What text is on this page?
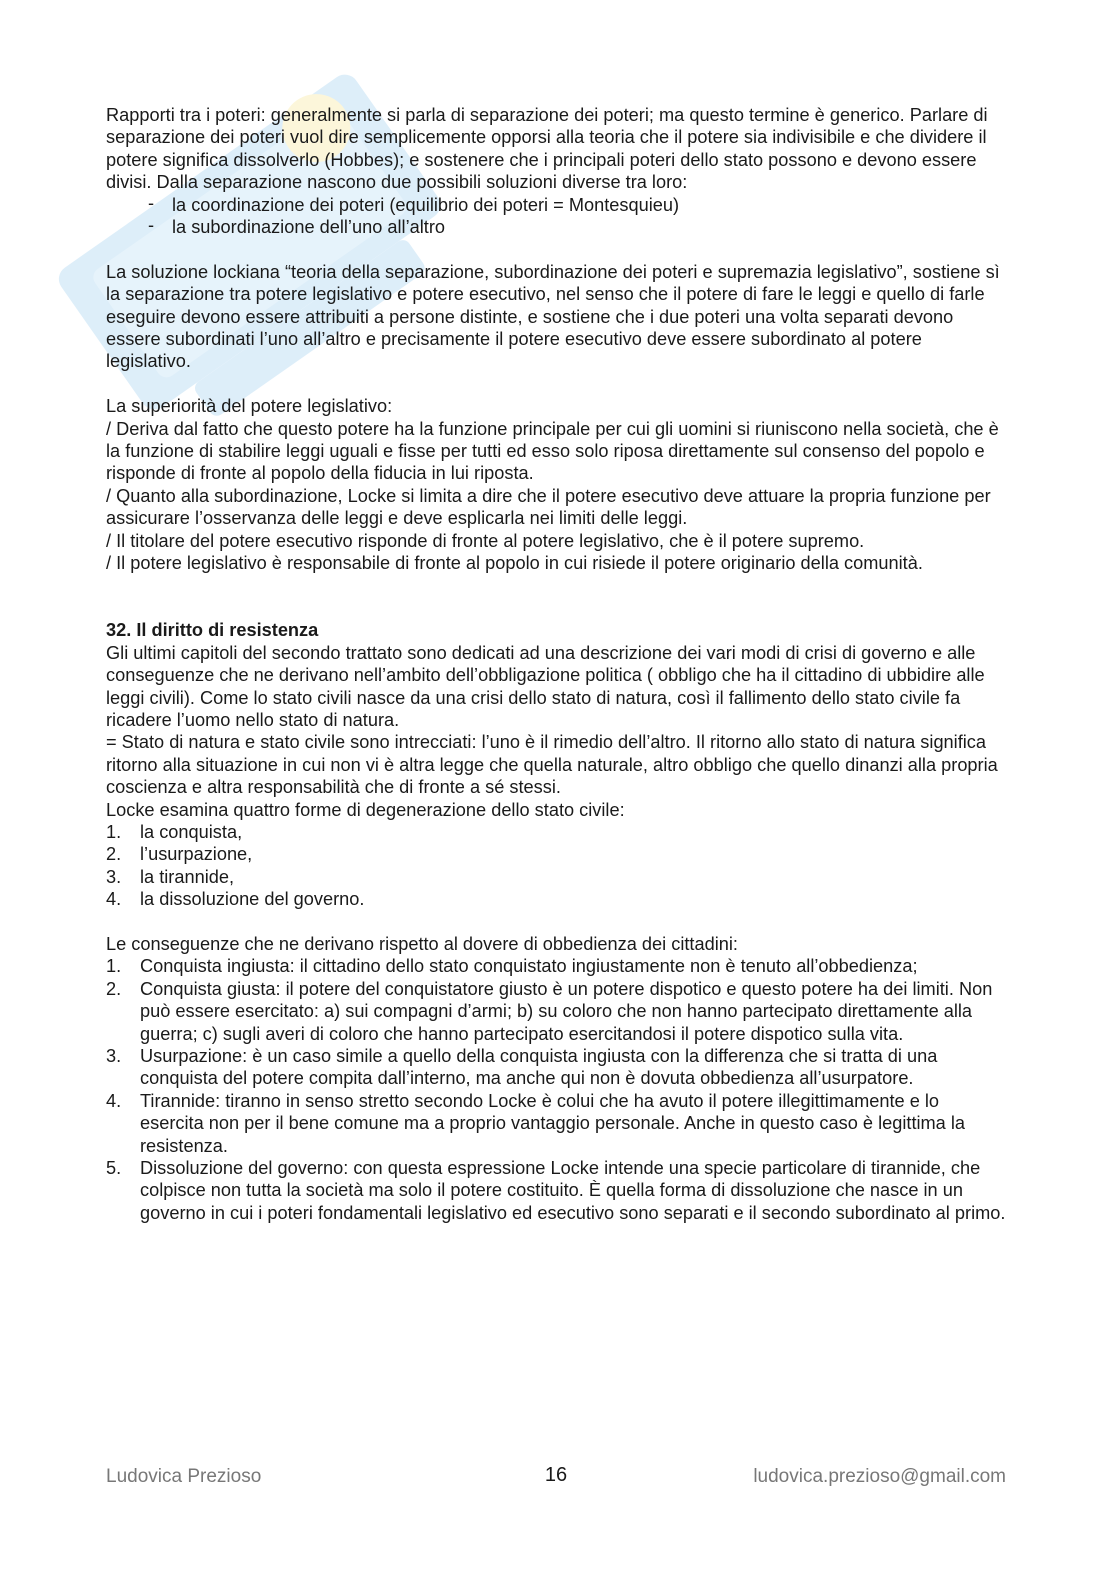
Rapporti tra i poteri: generalmente si parla di separazione dei poteri; ma questo termine è generico. Parlare di separazione dei poteri vuol dire semplicemente opporsi alla teoria che il potere sia indivisibile e che dividere il potere significa dissolverlo (Hobbes); e sostenere che i principali poteri dello stato possono e devono essere divisi. Dalla separazione nascono due possibili soluzioni diverse tra loro:

- la coordinazione dei poteri (equilibrio dei poteri = Montesquieu)
- la subordinazione dell’uno all’altro

La soluzione lockiana “teoria della separazione, subordinazione dei poteri e supremazia legislativo”, sostiene sì la separazione tra potere legislativo e potere esecutivo, nel senso che il potere di fare le leggi e quello di farle eseguire devono essere attribuiti a persone distinte, e sostiene che i due poteri una volta separati devono essere subordinati l’uno all’altro e precisamente il potere esecutivo deve essere subordinato al potere legislativo.

La superiorità del potere legislativo:

/ Deriva dal fatto che questo potere ha la funzione principale per cui gli uomini si riuniscono nella società, che è la funzione di stabilire leggi uguali e fisse per tutti ed esso solo riposa direttamente sul consenso del popolo e risponde di fronte al popolo della fiducia in lui riposta.

/ Quanto alla subordinazione, Locke si limita a dire che il potere esecutivo deve attuare la propria funzione per assicurare l’osservanza delle leggi e deve esplicarla nei limiti delle leggi.

/ Il titolare del potere esecutivo risponde di fronte al potere legislativo, che è il potere supremo.

/ Il potere legislativo è responsabile di fronte al popolo in cui risiede il potere originario della comunità.

32. Il diritto di resistenza

Gli ultimi capitoli del secondo trattato sono dedicati ad una descrizione dei vari modi di crisi di governo e alle conseguenze che ne derivano nell’ambito dell’obbligazione politica ( obbligo che ha il cittadino di ubbidire alle leggi civili). Come lo stato civili nasce da una crisi dello stato di natura, così il fallimento dello stato civile fa ricadere l’uomo nello stato di natura.

= Stato di natura e stato civile sono intrecciati: l’uno è il rimedio dell’altro. Il ritorno allo stato di natura significa ritorno alla situazione in cui non vi è altra legge che quella naturale, altro obbligo che quello dinanzi alla propria coscienza e altra responsabilità che di fronte a sé stessi.

Locke esamina quattro forme di degenerazione dello stato civile:

1. la conquista,
2. l’usurpazione,
3. la tirannide,
4. la dissoluzione del governo.

Le conseguenze che ne derivano rispetto al dovere di obbedienza dei cittadini:

1. Conquista ingiusta: il cittadino dello stato conquistato ingiustamente non è tenuto all’obbedienza;
2. Conquista giusta: il potere del conquistatore giusto è un potere dispotico e questo potere ha dei limiti. Non può essere esercitato: a) sui compagni d’armi; b) su coloro che non hanno partecipato direttamente alla guerra; c) sugli averi di coloro che hanno partecipato esercitandosi il potere dispotico sulla vita.
3. Usurpazione: è un caso simile a quello della conquista ingiusta con la differenza che si tratta di una conquista del potere compita dall’interno, ma anche qui non è dovuta obbedienza all’usurpatore.
4. Tirannide: tiranno in senso stretto secondo Locke è colui che ha avuto il potere illegittimamente e lo esercita non per il bene comune ma a proprio vantaggio personale. Anche in questo caso è legittima la resistenza.
5. Dissoluzione del governo: con questa espressione Locke intende una specie particolare di tirannide, che colpisce non tutta la società ma solo il potere costituito. È quella forma di dissoluzione che nasce in un governo in cui i poteri fondamentali legislativo ed esecutivo sono separati e il secondo subordinato al primo.
Ludovica Prezioso	16	ludovica.prezioso@gmail.com
